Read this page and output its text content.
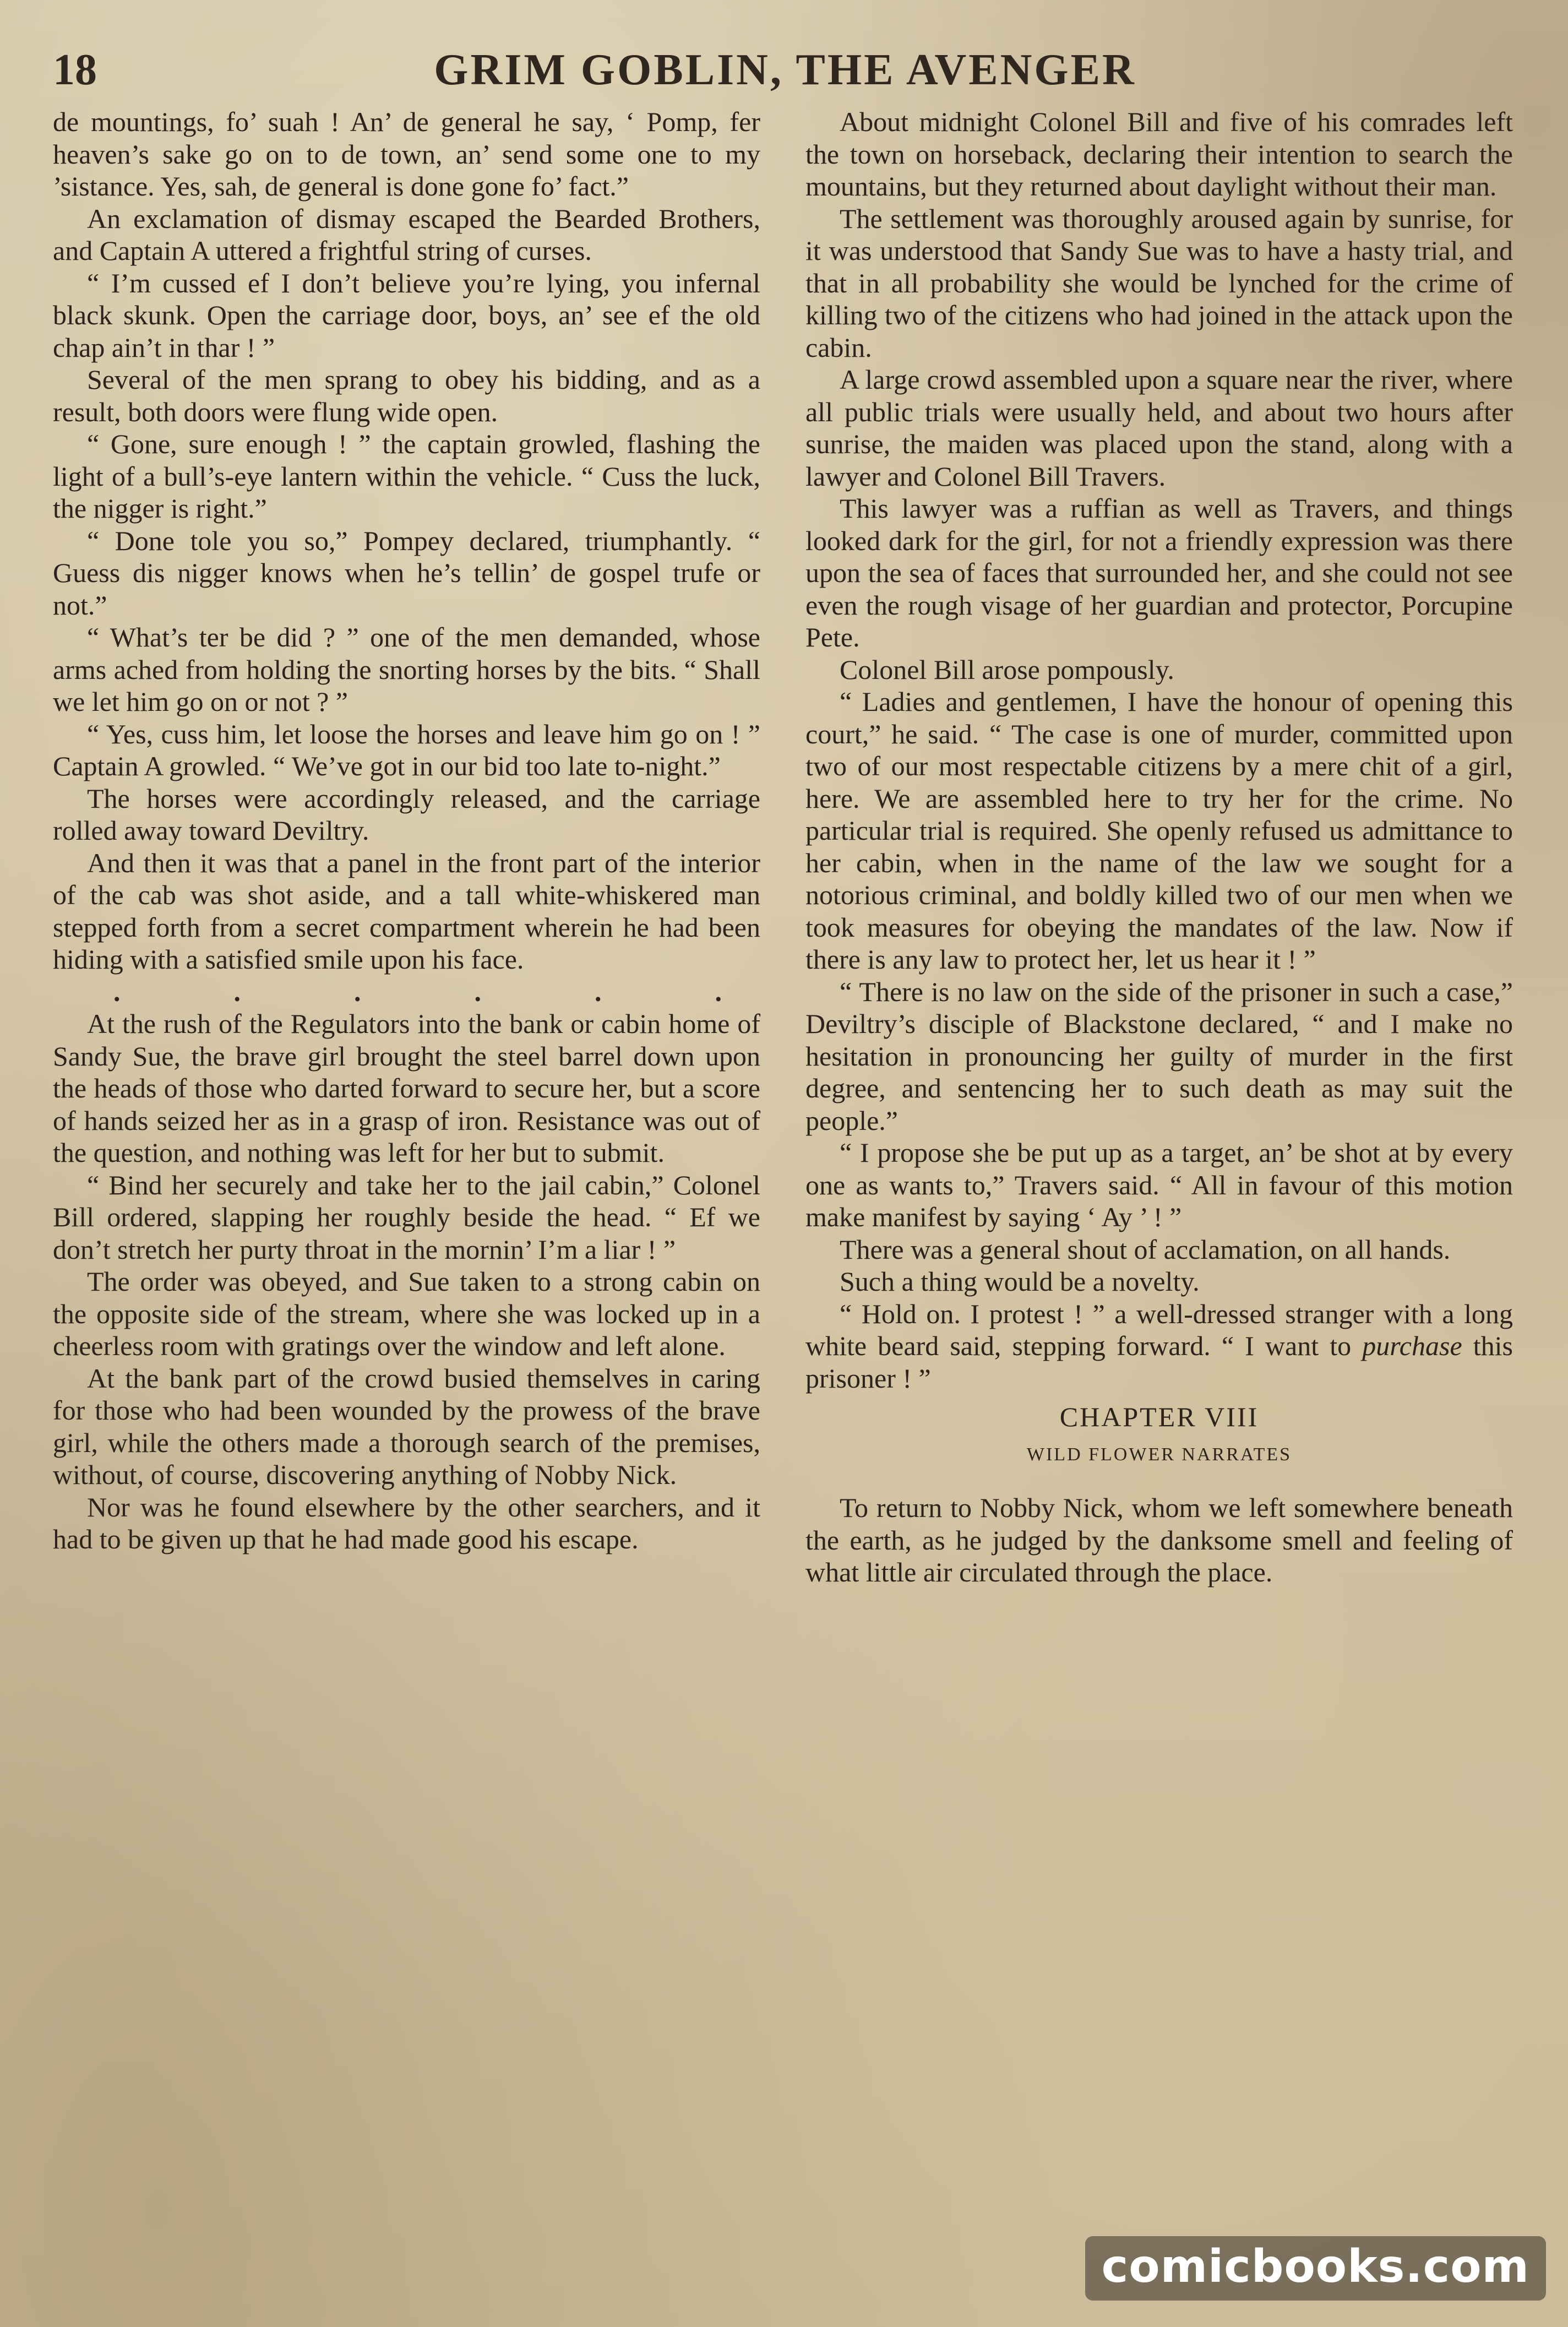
18	GRIM GOBLIN, THE AVENGER

de mountings, fo’ suah ! An’ de general he say, ‘ Pomp, fer heaven’s sake go on to de town, an’ send some one to my ’sistance. Yes, sah, de general is done gone fo’ fact.”

An exclamation of dismay escaped the Bearded Brothers, and Captain A uttered a frightful string of curses.

“ I’m cussed ef I don’t believe you’re lying, you infernal black skunk. Open the carriage door, boys, an’ see ef the old chap ain’t in thar ! ”

Several of the men sprang to obey his bidding, and as a result, both doors were flung wide open.

“ Gone, sure enough ! ” the captain growled, flashing the light of a bull’s-eye lantern within the vehicle. “ Cuss the luck, the nigger is right.”

“ Done tole you so,” Pompey declared, triumphantly. “ Guess dis nigger knows when he’s tellin’ de gospel trufe or not.”

“ What’s ter be did ? ” one of the men demanded, whose arms ached from holding the snorting horses by the bits. “ Shall we let him go on or not ? ”

“ Yes, cuss him, let loose the horses and leave him go on ! ” Captain A growled. “ We’ve got in our bid too late to-night.”

The horses were accordingly released, and the carriage rolled away toward Deviltry.

And then it was that a panel in the front part of the interior of the cab was shot aside, and a tall white-whiskered man stepped forth from a secret compartment wherein he had been hiding with a satisfied smile upon his face.

.	.	.	.	.	.

At the rush of the Regulators into the bank or cabin home of Sandy Sue, the brave girl brought the steel barrel down upon the heads of those who darted forward to secure her, but a score of hands seized her as in a grasp of iron. Resistance was out of the question, and nothing was left for her but to submit.

“ Bind her securely and take her to the jail cabin,” Colonel Bill ordered, slapping her roughly beside the head. “ Ef we don’t stretch her purty throat in the mornin’ I’m a liar ! ”

The order was obeyed, and Sue taken to a strong cabin on the opposite side of the stream, where she was locked up in a cheerless room with gratings over the window and left alone.

At the bank part of the crowd busied themselves in caring for those who had been wounded by the prowess of the brave girl, while the others made a thorough search of the premises, without, of course, discovering anything of Nobby Nick.

Nor was he found elsewhere by the other searchers, and it had to be given up that he had made good his escape.

About midnight Colonel Bill and five of his comrades left the town on horseback, declaring their intention to search the mountains, but they returned about daylight without their man.

The settlement was thoroughly aroused again by sunrise, for it was understood that Sandy Sue was to have a hasty trial, and that in all probability she would be lynched for the crime of killing two of the citizens who had joined in the attack upon the cabin.

A large crowd assembled upon a square near the river, where all public trials were usually held, and about two hours after sunrise, the maiden was placed upon the stand, along with a lawyer and Colonel Bill Travers.

This lawyer was a ruffian as well as Travers, and things looked dark for the girl, for not a friendly expression was there upon the sea of faces that surrounded her, and she could not see even the rough visage of her guardian and protector, Porcupine Pete.

Colonel Bill arose pompously.

“ Ladies and gentlemen, I have the honour of opening this court,” he said. “ The case is one of murder, committed upon two of our most respectable citizens by a mere chit of a girl, here. We are assembled here to try her for the crime. No particular trial is required. She openly refused us admittance to her cabin, when in the name of the law we sought for a notorious criminal, and boldly killed two of our men when we took measures for obeying the mandates of the law. Now if there is any law to protect her, let us hear it ! ”

“ There is no law on the side of the prisoner in such a case,” Deviltry’s disciple of Blackstone declared, “ and I make no hesitation in pronouncing her guilty of murder in the first degree, and sentencing her to such death as may suit the people.”

“ I propose she be put up as a target, an’ be shot at by every one as wants to,” Travers said. “ All in favour of this motion make manifest by saying ‘ Ay ’ ! ”

There was a general shout of acclamation, on all hands.

Such a thing would be a novelty.

“ Hold on. I protest ! ” a well-dressed stranger with a long white beard said, stepping forward. “ I want to purchase this prisoner ! ”

CHAPTER VIII
WILD FLOWER NARRATES

To return to Nobby Nick, whom we left somewhere beneath the earth, as he judged by the danksome smell and feeling of what little air circulated through the place.

comicbooks.com
